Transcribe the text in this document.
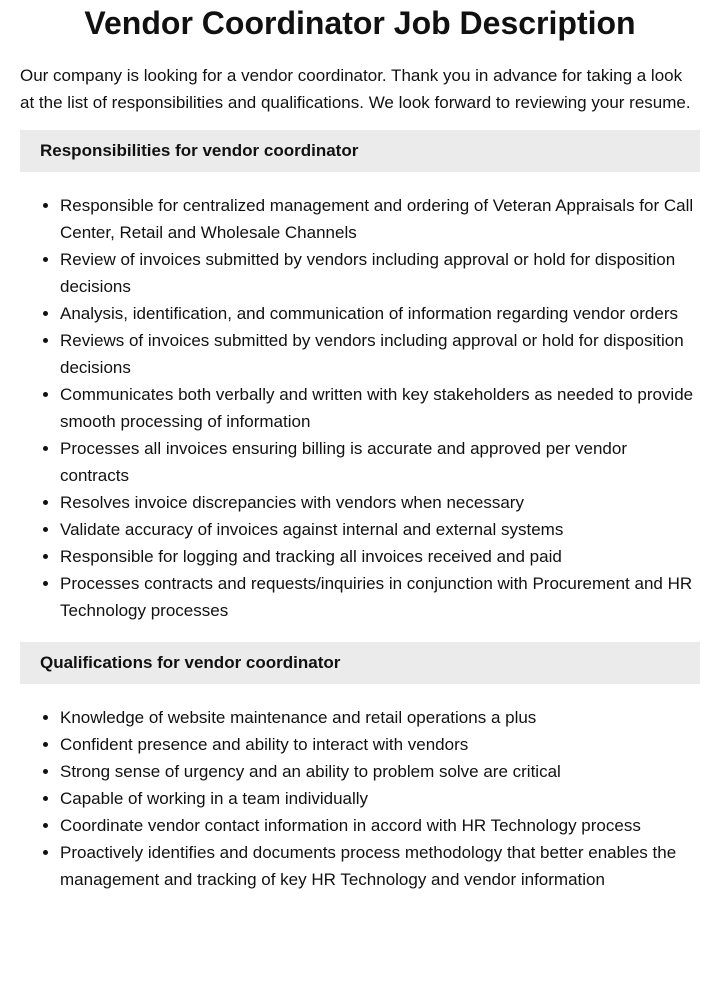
Vendor Coordinator Job Description

Our company is looking for a vendor coordinator. Thank you in advance for taking a look at the list of responsibilities and qualifications. We look forward to reviewing your resume.

Responsibilities for vendor coordinator
• Responsible for centralized management and ordering of Veteran Appraisals for Call Center, Retail and Wholesale Channels
• Review of invoices submitted by vendors including approval or hold for disposition decisions
• Analysis, identification, and communication of information regarding vendor orders
• Reviews of invoices submitted by vendors including approval or hold for disposition decisions
• Communicates both verbally and written with key stakeholders as needed to provide smooth processing of information
• Processes all invoices ensuring billing is accurate and approved per vendor contracts
• Resolves invoice discrepancies with vendors when necessary
• Validate accuracy of invoices against internal and external systems
• Responsible for logging and tracking all invoices received and paid
• Processes contracts and requests/inquiries in conjunction with Procurement and HR Technology processes
Qualifications for vendor coordinator
• Knowledge of website maintenance and retail operations a plus
• Confident presence and ability to interact with vendors
• Strong sense of urgency and an ability to problem solve are critical
• Capable of working in a team individually
• Coordinate vendor contact information in accord with HR Technology process
• Proactively identifies and documents process methodology that better enables the management and tracking of key HR Technology and vendor information
